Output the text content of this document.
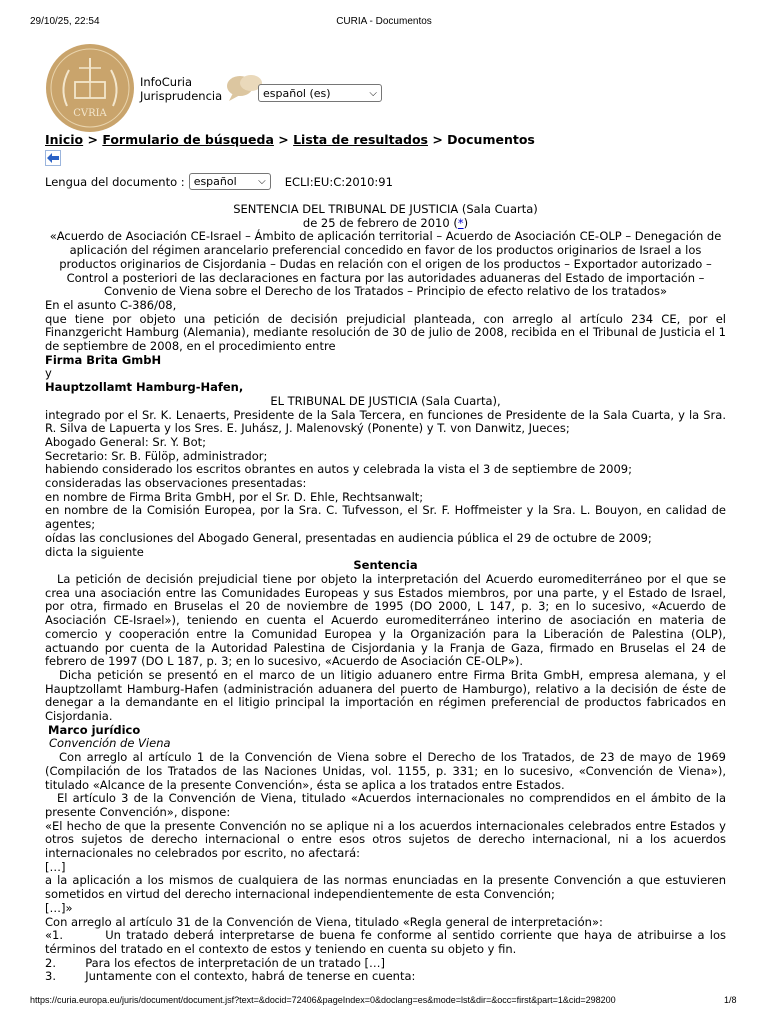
29/10/25, 22:54	CURIA - Documentos
CVRIA
InfoCuria
Jurisprudencia	español (es)	⌵
Inicio > Formulario de búsqueda > Lista de resultados > Documentos
Lengua del documento : español ⌵ ECLI:EU:C:2010:91

SENTENCIA DEL TRIBUNAL DE JUSTICIA (Sala Cuarta)

de 25 de febrero de 2010 (*)

«Acuerdo de Asociación CE-Israel – Ámbito de aplicación territorial – Acuerdo de Asociación CE-OLP – Denegación de aplicación del régimen arancelario preferencial concedido en favor de los productos originarios de Israel a los productos originarios de Cisjordania – Dudas en relación con el origen de los productos – Exportador autorizado – Control a posteriori de las declaraciones en factura por las autoridades aduaneras del Estado de importación – Convenio de Viena sobre el Derecho de los Tratados – Principio de efecto relativo de los tratados»

En el asunto C-386/08,

que tiene por objeto una petición de decisión prejudicial planteada, con arreglo al artículo 234 CE, por el Finanzgericht Hamburg (Alemania), mediante resolución de 30 de julio de 2008, recibida en el Tribunal de Justicia el 1 de septiembre de 2008, en el procedimiento entre

Firma Brita GmbH

y

Hauptzollamt Hamburg-Hafen,

EL TRIBUNAL DE JUSTICIA (Sala Cuarta),

integrado por el Sr. K. Lenaerts, Presidente de la Sala Tercera, en funciones de Presidente de la Sala Cuarta, y la Sra. R. Silva de Lapuerta y los Sres. E. Juhász, J. Malenovský (Ponente) y T. von Danwitz, Jueces;

Abogado General: Sr. Y. Bot;

Secretario: Sr. B. Fülöp, administrador;

habiendo considerado los escritos obrantes en autos y celebrada la vista el 3 de septiembre de 2009;

consideradas las observaciones presentadas:

en nombre de Firma Brita GmbH, por el Sr. D. Ehle, Rechtsanwalt;

en nombre de la Comisión Europea, por la Sra. C. Tufvesson, el Sr. F. Hoffmeister y la Sra. L. Bouyon, en calidad de agentes;

oídas las conclusiones del Abogado General, presentadas en audiencia pública el 29 de octubre de 2009;

dicta la siguiente

Sentencia

La petición de decisión prejudicial tiene por objeto la interpretación del Acuerdo euromediterráneo por el que se crea una asociación entre las Comunidades Europeas y sus Estados miembros, por una parte, y el Estado de Israel, por otra, firmado en Bruselas el 20 de noviembre de 1995 (DO 2000, L 147, p. 3; en lo sucesivo, «Acuerdo de Asociación CE-Israel»), teniendo en cuenta el Acuerdo euromediterráneo interino de asociación en materia de comercio y cooperación entre la Comunidad Europea y la Organización para la Liberación de Palestina (OLP), actuando por cuenta de la Autoridad Palestina de Cisjordania y la Franja de Gaza, firmado en Bruselas el 24 de febrero de 1997 (DO L 187, p. 3; en lo sucesivo, «Acuerdo de Asociación CE-OLP»).

Dicha petición se presentó en el marco de un litigio aduanero entre Firma Brita GmbH, empresa alemana, y el Hauptzollamt Hamburg-Hafen (administración aduanera del puerto de Hamburgo), relativo a la decisión de éste de denegar a la demandante en el litigio principal la importación en régimen preferencial de productos fabricados en Cisjordania.

Marco jurídico

Convención de Viena

Con arreglo al artículo 1 de la Convención de Viena sobre el Derecho de los Tratados, de 23 de mayo de 1969 (Compilación de los Tratados de las Naciones Unidas, vol. 1155, p. 331; en lo sucesivo, «Convención de Viena»), titulado «Alcance de la presente Convención», ésta se aplica a los tratados entre Estados.

El artículo 3 de la Convención de Viena, titulado «Acuerdos internacionales no comprendidos en el ámbito de la presente Convención», dispone:

«El hecho de que la presente Convención no se aplique ni a los acuerdos internacionales celebrados entre Estados y otros sujetos de derecho internacional o entre esos otros sujetos de derecho internacional, ni a los acuerdos internacionales no celebrados por escrito, no afectará:

[…]

a la aplicación a los mismos de cualquiera de las normas enunciadas en la presente Convención a que estuvieren sometidos en virtud del derecho internacional independientemente de esta Convención;

[…]»

Con arreglo al artículo 31 de la Convención de Viena, titulado «Regla general de interpretación»:

«1.        Un tratado deberá interpretarse de buena fe conforme al sentido corriente que haya de atribuirse a los términos del tratado en el contexto de estos y teniendo en cuenta su objeto y fin.

2.        Para los efectos de interpretación de un tratado […]

3.        Juntamente con el contexto, habrá de tenerse en cuenta:

https://curia.europa.eu/juris/document/document.jsf?text=&docid=72406&pageIndex=0&doclang=es&mode=lst&dir=&occ=first&part=1&cid=298200	1/8
